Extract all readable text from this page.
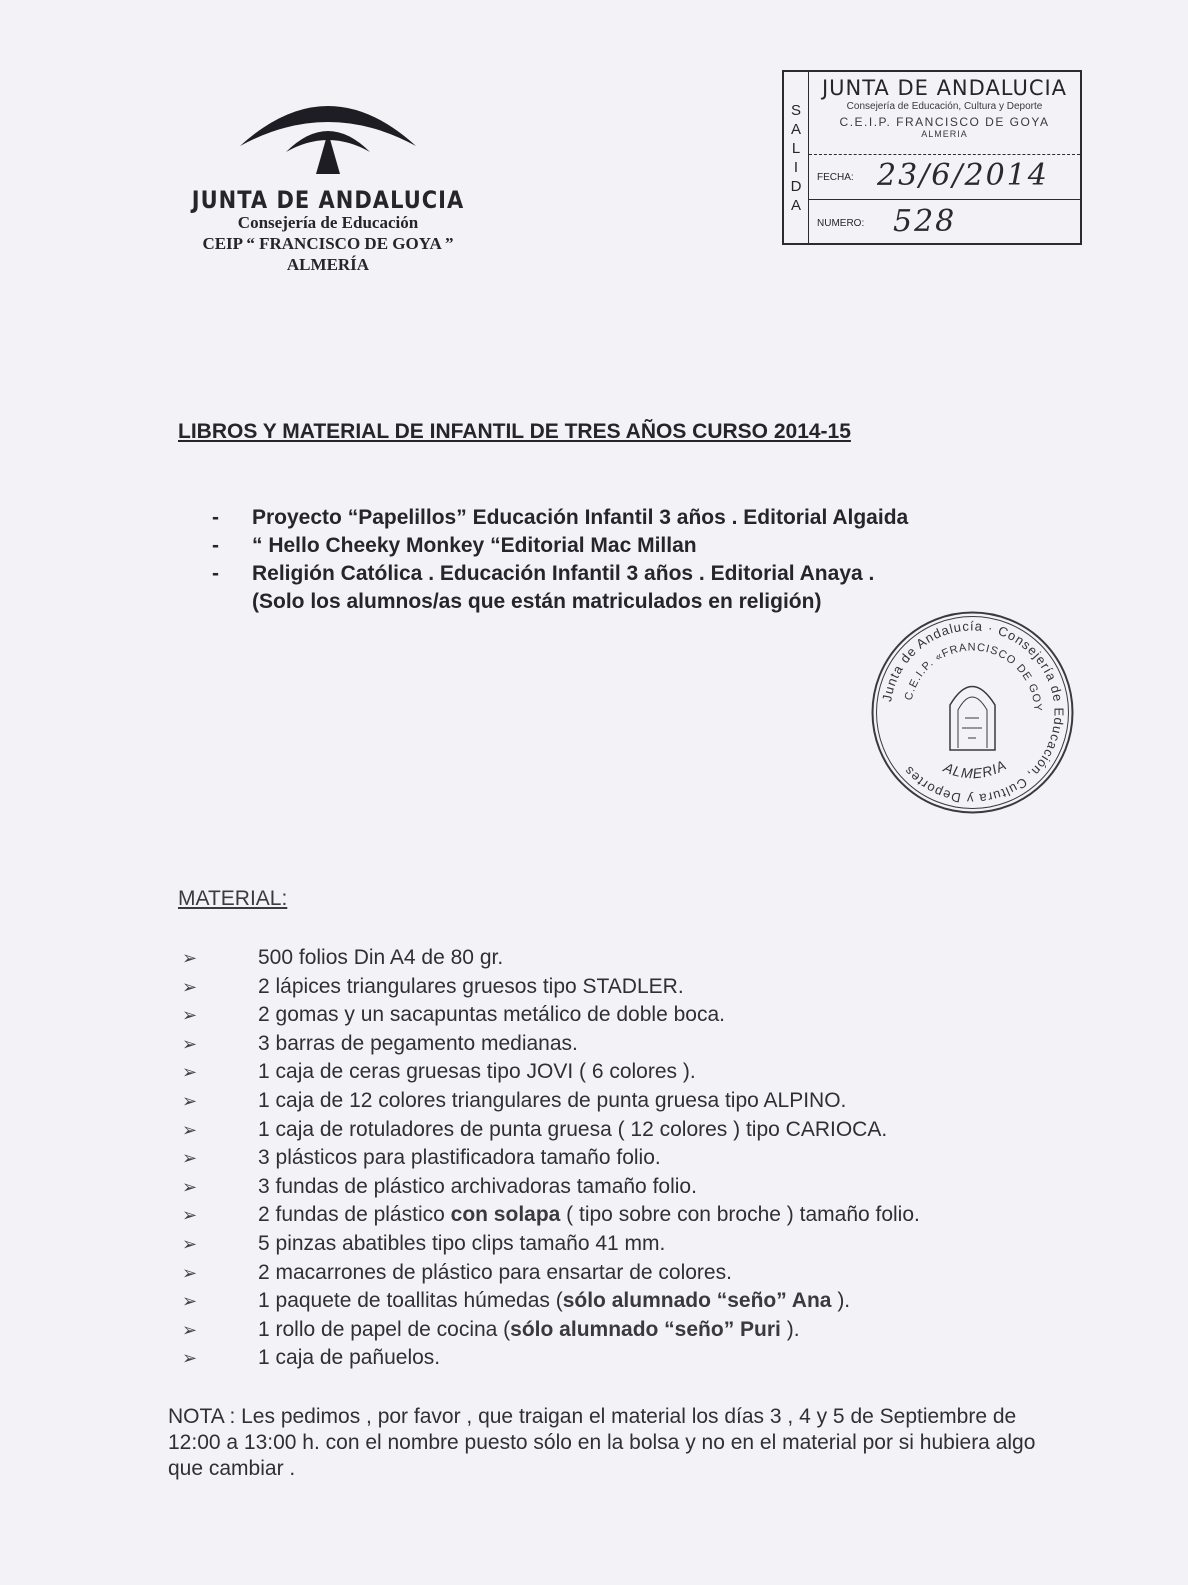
JUNTA DE ANDALUCIA
Consejería de Educación
CEIP “ FRANCISCO DE GOYA ”
ALMERÍA
S
A
L
I
D
A
JUNTA DE ANDALUCIA
Consejería de Educación, Cultura y Deporte
C.E.I.P. FRANCISCO DE GOYA
ALMERIA
FECHA: 23/6/2014
NUMERO: 528
LIBROS Y MATERIAL DE INFANTIL DE TRES AÑOS CURSO 2014-15
- Proyecto “Papelillos” Educación Infantil 3 años . Editorial Algaida
- “ Hello Cheeky Monkey “Editorial Mac Millan
- Religión Católica . Educación Infantil 3 años . Editorial Anaya .
(Solo los alumnos/as que están matriculados en religión)
Junta de Andalucía · Consejería de Educación, Cultura y Deportes
C.E.I.P. «FRANCISCO DE GOY
ALMERIA
MATERIAL:
➢	500 folios Din A4 de 80 gr.
➢	2 lápices triangulares gruesos tipo STADLER.
➢	2 gomas y un sacapuntas metálico de doble boca.
➢	3 barras de pegamento medianas.
➢	1 caja de ceras gruesas tipo JOVI ( 6 colores ).
➢	1 caja de 12 colores triangulares de punta gruesa tipo ALPINO.
➢	1 caja de rotuladores de punta gruesa ( 12 colores ) tipo CARIOCA.
➢	3 plásticos para plastificadora tamaño folio.
➢	3 fundas de plástico archivadoras tamaño folio.
➢	2 fundas de plástico con solapa ( tipo sobre con broche ) tamaño folio.
➢	5 pinzas abatibles tipo clips tamaño 41 mm.
➢	2 macarrones de plástico para ensartar de colores.
➢	1 paquete de toallitas húmedas (sólo alumnado “seño” Ana ).
➢	1 rollo de papel de cocina (sólo alumnado “seño” Puri ).
➢	1 caja de pañuelos.
NOTA : Les pedimos , por favor , que traigan el material los días 3 , 4 y 5 de Septiembre de 12:00 a 13:00 h. con el nombre puesto sólo en la bolsa y no en el material por si hubiera algo que cambiar .
